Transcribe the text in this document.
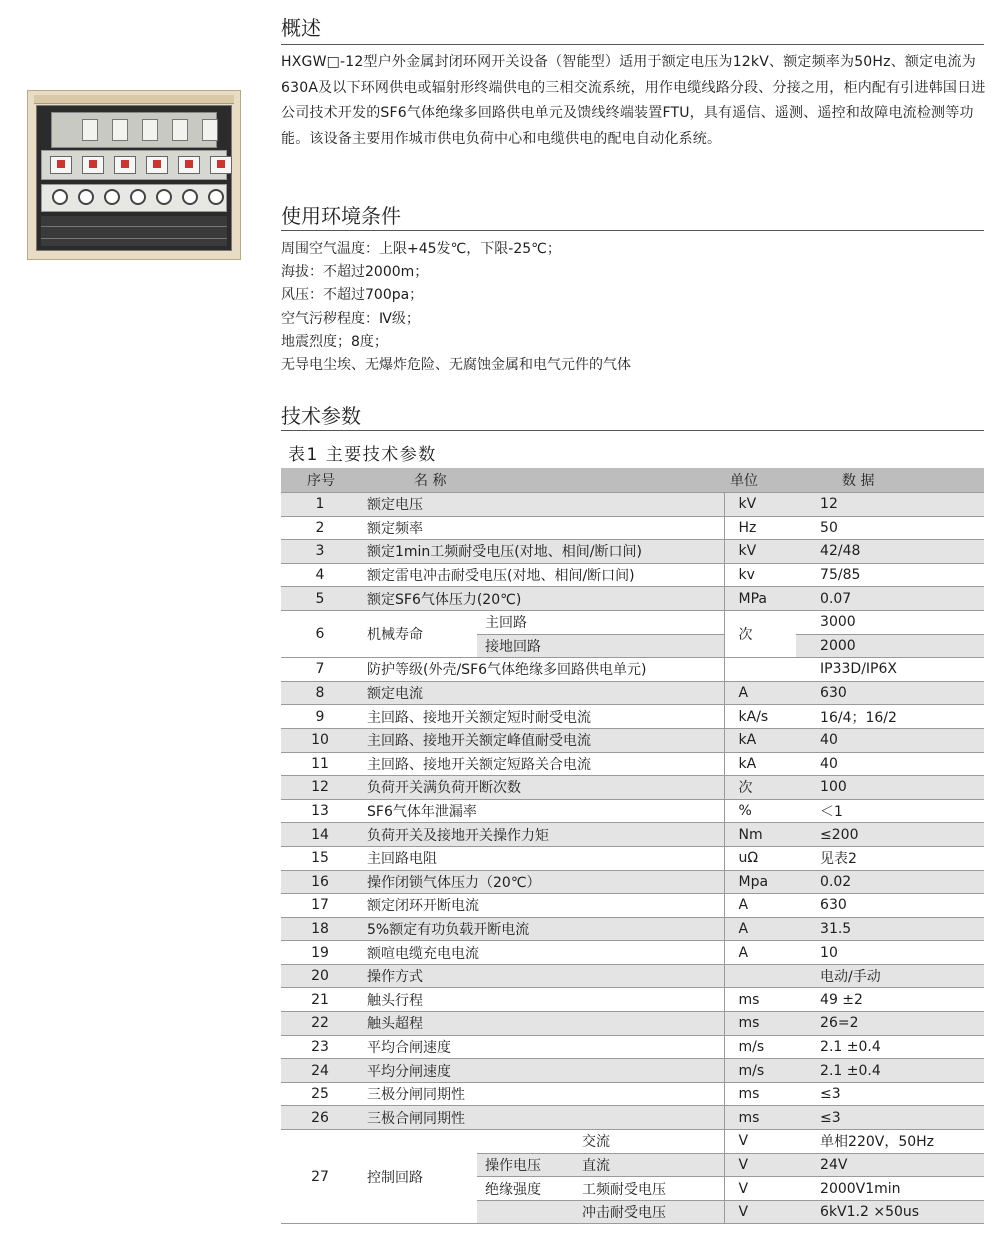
概述

HXGW□-12型户外金属封闭环网开关设备（智能型）适用于额定电压为12kV、额定频率为50Hz、额定电流为630A及以下环网供电或辐射形终端供电的三相交流系统，用作电缆线路分段、分接之用，柜内配有引进韩国日进公司技术开发的SF6气体绝缘多回路供电单元及馈线终端装置FTU，具有遥信、遥测、遥控和故障电流检测等功能。该设备主要用作城市供电负荷中心和电缆供电的配电自动化系统。

使用环境条件
周围空气温度：上限+45发℃，下限-25℃；
海拔：不超过2000m；
风压：不超过700pa；
空气污秽程度：Ⅳ级；
地震烈度；8度；
无导电尘埃、无爆炸危险、无腐蚀金属和电气元件的气体
技术参数
表1 主要技术参数
序号	名 称			单位	数 据
1	额定电压			kV	12
2	额定频率			Hz	50
3	额定1min工频耐受电压(对地、相间/断口间)			kV	42/48
4	额定雷电冲击耐受电压(对地、相间/断口间)			kv	75/85
5	额定SF6气体压力(20℃)			MPa	0.07
6	机械寿命	主回路		次	3000
		接地回路			2000
7	防护等级(外壳/SF6气体绝缘多回路供电单元)				IP33D/IP6X
8	额定电流			A	630
9	主回路、接地开关额定短时耐受电流			kA/s	16/4；16/2
10	主回路、接地开关额定峰值耐受电流			kA	40
11	主回路、接地开关额定短路关合电流			kA	40
12	负荷开关满负荷开断次数			次	100
13	SF6气体年泄漏率			%	＜1
14	负荷开关及接地开关操作力矩			Nm	≤200
15	主回路电阻			uΩ	见表2
16	操作闭锁气体压力（20℃）			Mpa	0.02
17	额定闭环开断电流			A	630
18	5%额定有功负载开断电流			A	31.5
19	额喧电缆充电电流			A	10
20	操作方式				电动/手动
21	触头行程			ms	49 ±2
22	触头超程			ms	26=2
23	平均合闸速度			m/s	2.1 ±0.4
24	平均分闸速度			m/s	2.1 ±0.4
25	三极分闸同期性			ms	≤3
26	三极合闸同期性			ms	≤3
27	控制回路		交流	V	单相220V，50Hz
		操作电压	直流	V	24V
		绝缘强度	工频耐受电压	V	2000V1min
			冲击耐受电压	V	6kV1.2 ×50us
